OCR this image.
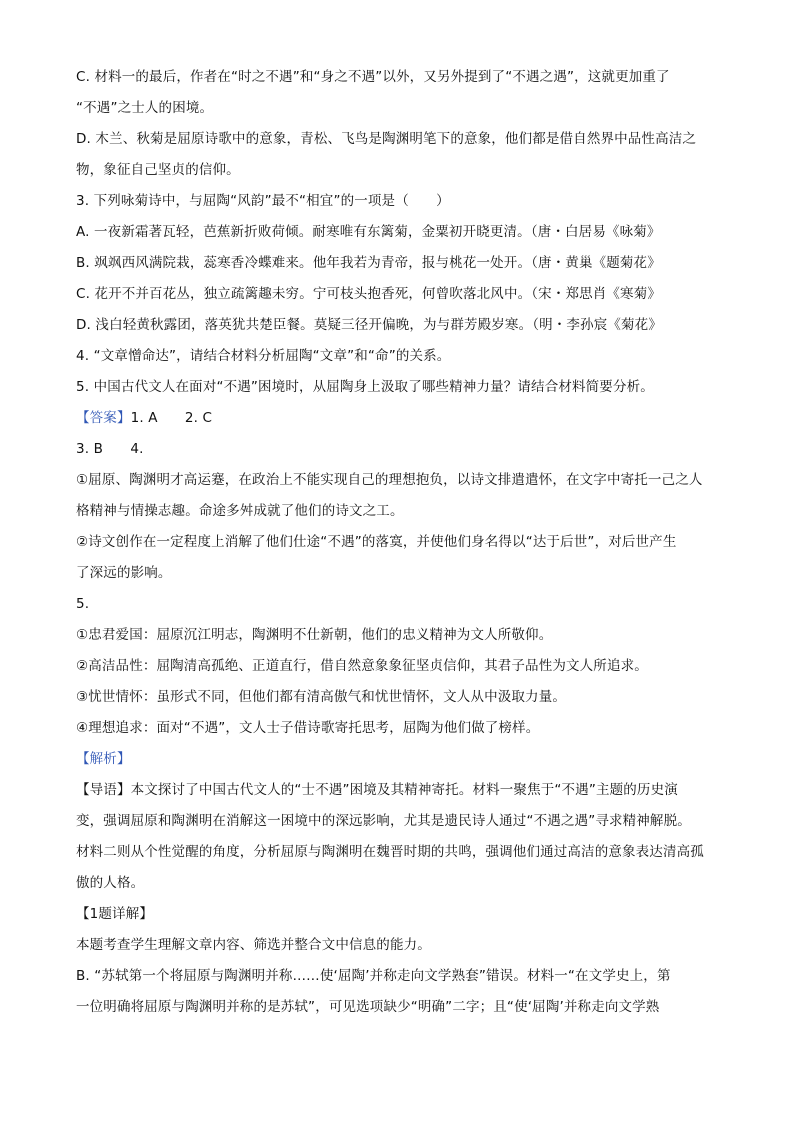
C. 材料一的最后，作者在“时之不遇”和“身之不遇”以外，又另外提到了“不遇之遇”，这就更加重了
“不遇”之士人的困境。
D. 木兰、秋菊是屈原诗歌中的意象，青松、飞鸟是陶渊明笔下的意象，他们都是借自然界中品性高洁之
物，象征自己坚贞的信仰。
3. 下列咏菊诗中，与屈陶“风韵”最不“相宜”的一项是（　　）
A. 一夜新霜著瓦轻，芭蕉新折败荷倾。耐寒唯有东篱菊，金粟初开晓更清。（唐・白居易《咏菊》
B. 飒飒西风满院栽，蕊寒香冷蝶难来。他年我若为青帝，报与桃花一处开。（唐・黄巢《题菊花》
C. 花开不并百花丛，独立疏篱趣未穷。宁可枝头抱香死，何曾吹落北风中。（宋・郑思肖《寒菊》
D. 浅白轻黄秋露团，落英犹共楚臣餐。莫疑三径开偏晚，为与群芳殿岁寒。（明・李孙宸《菊花》
4. “文章憎命达”，请结合材料分析屈陶“文章”和“命”的关系。
5. 中国古代文人在面对“不遇”困境时，从屈陶身上汲取了哪些精神力量？请结合材料简要分析。
【答案】1. A　　2. C
3. B　　4.
①屈原、陶渊明才高运蹇，在政治上不能实现自己的理想抱负，以诗文排遣遣怀，在文字中寄托一己之人
格精神与情操志趣。命途多舛成就了他们的诗文之工。
②诗文创作在一定程度上消解了他们仕途“不遇”的落寞，并使他们身名得以“达于后世”，对后世产生
了深远的影响。
5.
①忠君爱国：屈原沉江明志，陶渊明不仕新朝，他们的忠义精神为文人所敬仰。
②高洁品性：屈陶清高孤绝、正道直行，借自然意象象征坚贞信仰，其君子品性为文人所追求。
③忧世情怀：虽形式不同，但他们都有清高傲气和忧世情怀，文人从中汲取力量。
④理想追求：面对“不遇”，文人士子借诗歌寄托思考，屈陶为他们做了榜样。
【解析】
【导语】本文探讨了中国古代文人的“士不遇”困境及其精神寄托。材料一聚焦于“不遇”主题的历史演
变，强调屈原和陶渊明在消解这一困境中的深远影响，尤其是遗民诗人通过“不遇之遇”寻求精神解脱。
材料二则从个性觉醒的角度，分析屈原与陶渊明在魏晋时期的共鸣，强调他们通过高洁的意象表达清高孤
傲的人格。
【1题详解】
本题考查学生理解文章内容、筛选并整合文中信息的能力。
B. “苏轼第一个将屈原与陶渊明并称……使‘屈陶’并称走向文学熟套”错误。材料一“在文学史上，第
一位明确将屈原与陶渊明并称的是苏轼”，可见选项缺少“明确”二字；且“使‘屈陶’并称走向文学熟
